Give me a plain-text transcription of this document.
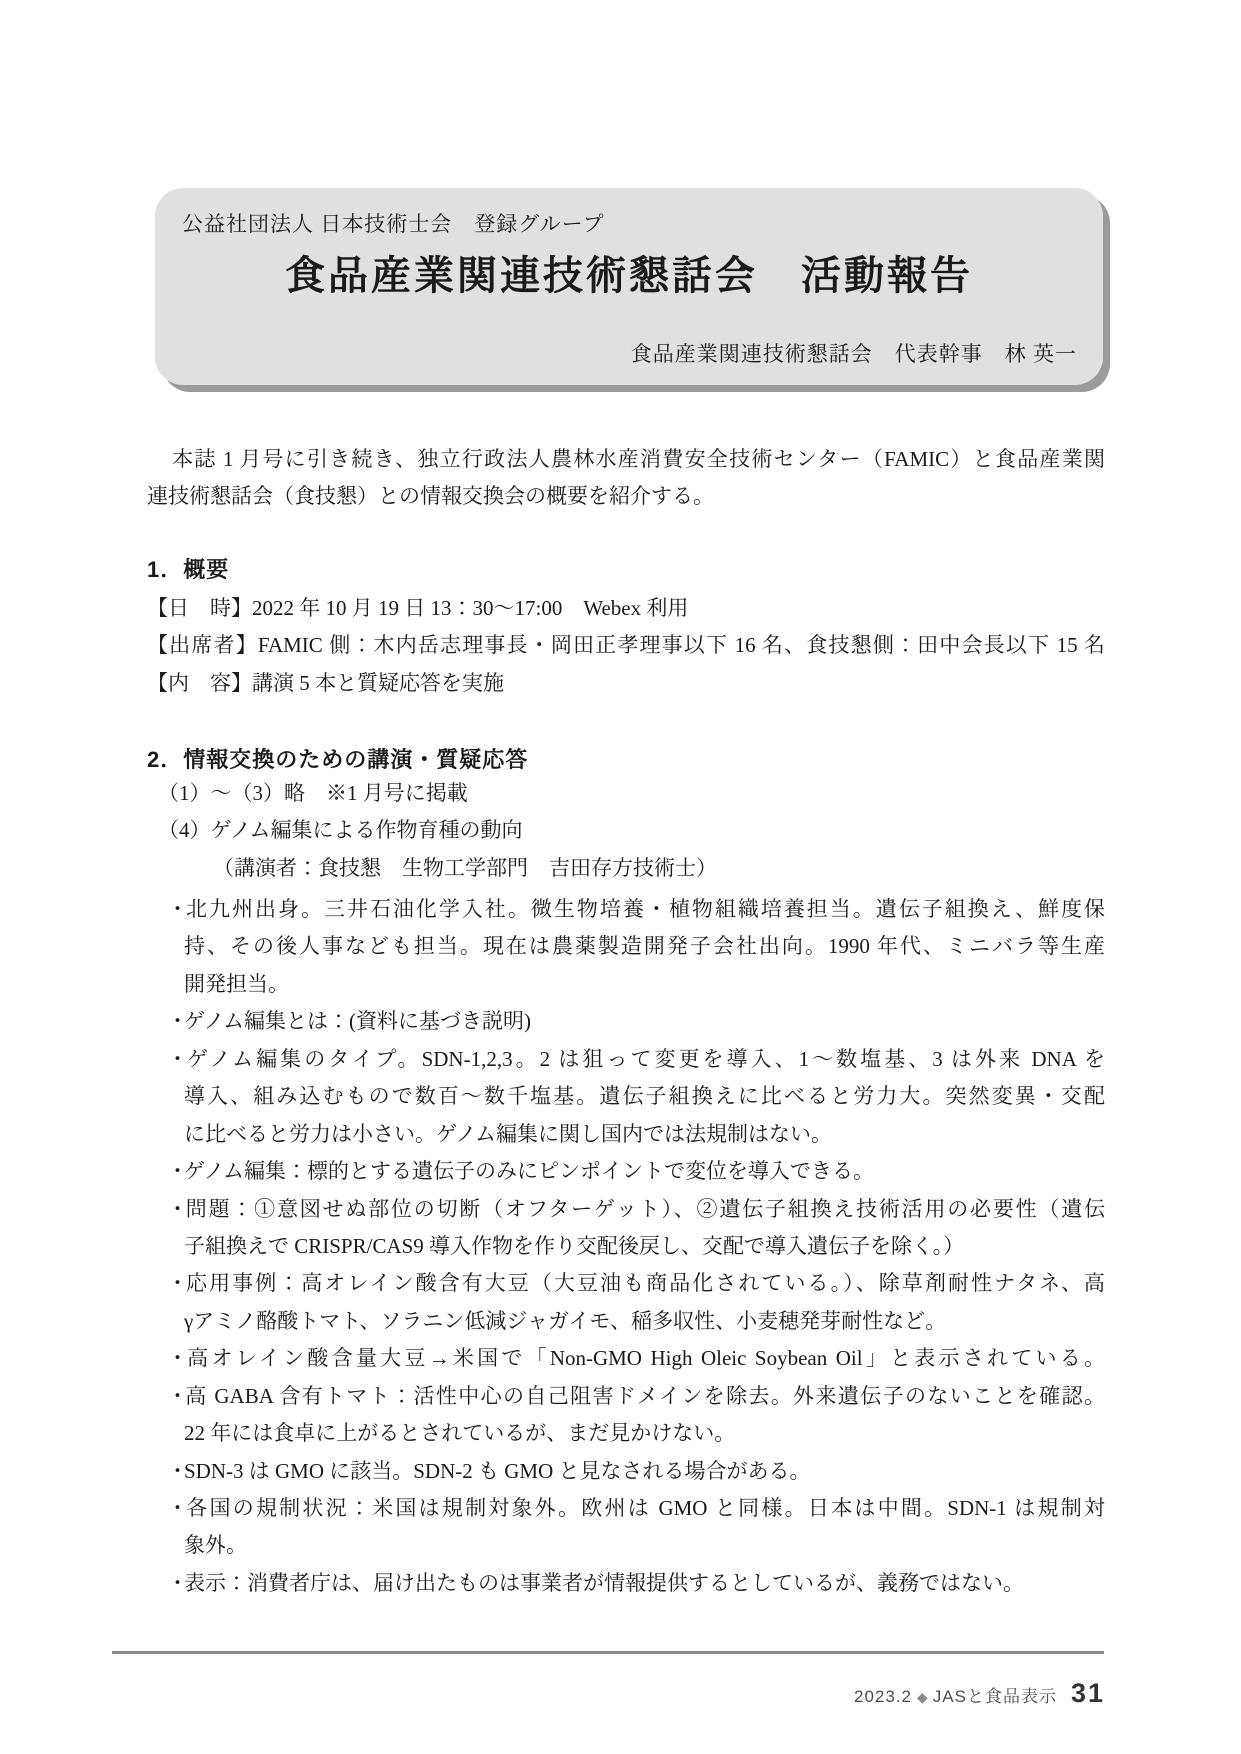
公益社団法人 日本技術士会　登録グループ
食品産業関連技術懇話会　活動報告
食品産業関連技術懇話会　代表幹事　林 英一
本誌 1 月号に引き続き、独立行政法人農林水産消費安全技術センター（FAMIC）と食品産業関
連技術懇話会（食技懇）との情報交換会の概要を紹介する。
1．概要
【日　時】2022 年 10 月 19 日 13：30～17:00　Webex 利用
【出席者】FAMIC 側：木内岳志理事長・岡田正孝理事以下 16 名、食技懇側：田中会長以下 15 名
【内　容】講演 5 本と質疑応答を実施
2．情報交換のための講演・質疑応答
（1）～（3）略　※1 月号に掲載
（4）ゲノム編集による作物育種の動向
（講演者：食技懇　生物工学部門　吉田存方技術士）
・北九州出身。三井石油化学入社。微生物培養・植物組織培養担当。遺伝子組換え、鮮度保
持、その後人事なども担当。現在は農薬製造開発子会社出向。1990 年代、ミニバラ等生産
開発担当。
・ゲノム編集とは：(資料に基づき説明)
・ゲノム編集のタイプ。SDN-1,2,3。2 は狙って変更を導入、1～数塩基、3 は外来 DNA を
導入、組み込むもので数百～数千塩基。遺伝子組換えに比べると労力大。突然変異・交配
に比べると労力は小さい。ゲノム編集に関し国内では法規制はない。
・ゲノム編集：標的とする遺伝子のみにピンポイントで変位を導入できる。
・問題：①意図せぬ部位の切断（オフターゲット）、②遺伝子組換え技術活用の必要性（遺伝
子組換えで CRISPR/CAS9 導入作物を作り交配後戻し、交配で導入遺伝子を除く。）
・応用事例：高オレイン酸含有大豆（大豆油も商品化されている。）、除草剤耐性ナタネ、高
γアミノ酪酸トマト、ソラニン低減ジャガイモ、稲多収性、小麦穂発芽耐性など。
・高オレイン酸含量大豆→米国で「Non-GMO High Oleic Soybean Oil」と表示されている。
・高 GABA 含有トマト：活性中心の自己阻害ドメインを除去。外来遺伝子のないことを確認。
22 年には食卓に上がるとされているが、まだ見かけない。
・SDN-3 は GMO に該当。SDN-2 も GMO と見なされる場合がある。
・各国の規制状況：米国は規制対象外。欧州は GMO と同様。日本は中間。SDN-1 は規制対
象外。
・表示：消費者庁は、届け出たものは事業者が情報提供するとしているが、義務ではない。
2023.2 ◆ JASと食品表示 31
